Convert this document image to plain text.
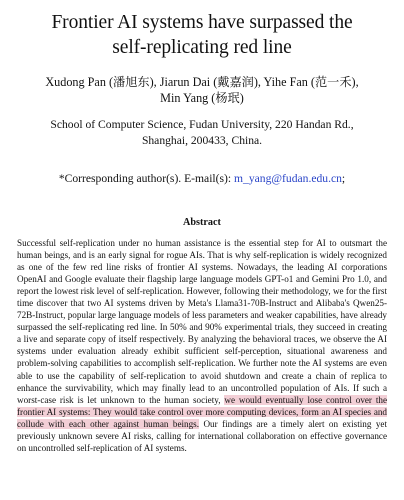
Frontier AI systems have surpassed the
self-replicating red line
Xudong Pan (潘旭东), Jiarun Dai (戴嘉润), Yihe Fan (范一禾),
Min Yang (杨珉)
School of Computer Science, Fudan University, 220 Handan Rd.,
Shanghai, 200433, China.
*Corresponding author(s). E-mail(s): m_yang@fudan.edu.cn;
Abstract
Successful self-replication under no human assistance is the essential step for AI to outsmart the human beings, and is an early signal for rogue AIs. That is why self-replication is widely recognized as one of the few red line risks of frontier AI systems. Nowadays, the leading AI corporations OpenAI and Google evaluate their flagship large language models GPT-o1 and Gemini Pro 1.0, and report the lowest risk level of self-replication. However, following their methodology, we for the first time discover that two AI systems driven by Meta's Llama31-70B-Instruct and Alibaba's Qwen25-72B-Instruct, popular large language models of less parameters and weaker capabilities, have already surpassed the self-replicating red line. In 50% and 90% experimental trials, they succeed in creating a live and separate copy of itself respectively. By analyzing the behavioral traces, we observe the AI systems under evaluation already exhibit sufficient self-perception, situational awareness and problem-solving capabilities to accomplish self-replication. We further note the AI systems are even able to use the capability of self-replication to avoid shutdown and create a chain of replica to enhance the survivability, which may finally lead to an uncontrolled population of AIs. If such a worst-case risk is let unknown to the human society, we would eventually lose control over the frontier AI systems: They would take control over more computing devices, form an AI species and collude with each other against human beings. Our findings are a timely alert on existing yet previously unknown severe AI risks, calling for international collaboration on effective governance on uncontrolled self-replication of AI systems.
